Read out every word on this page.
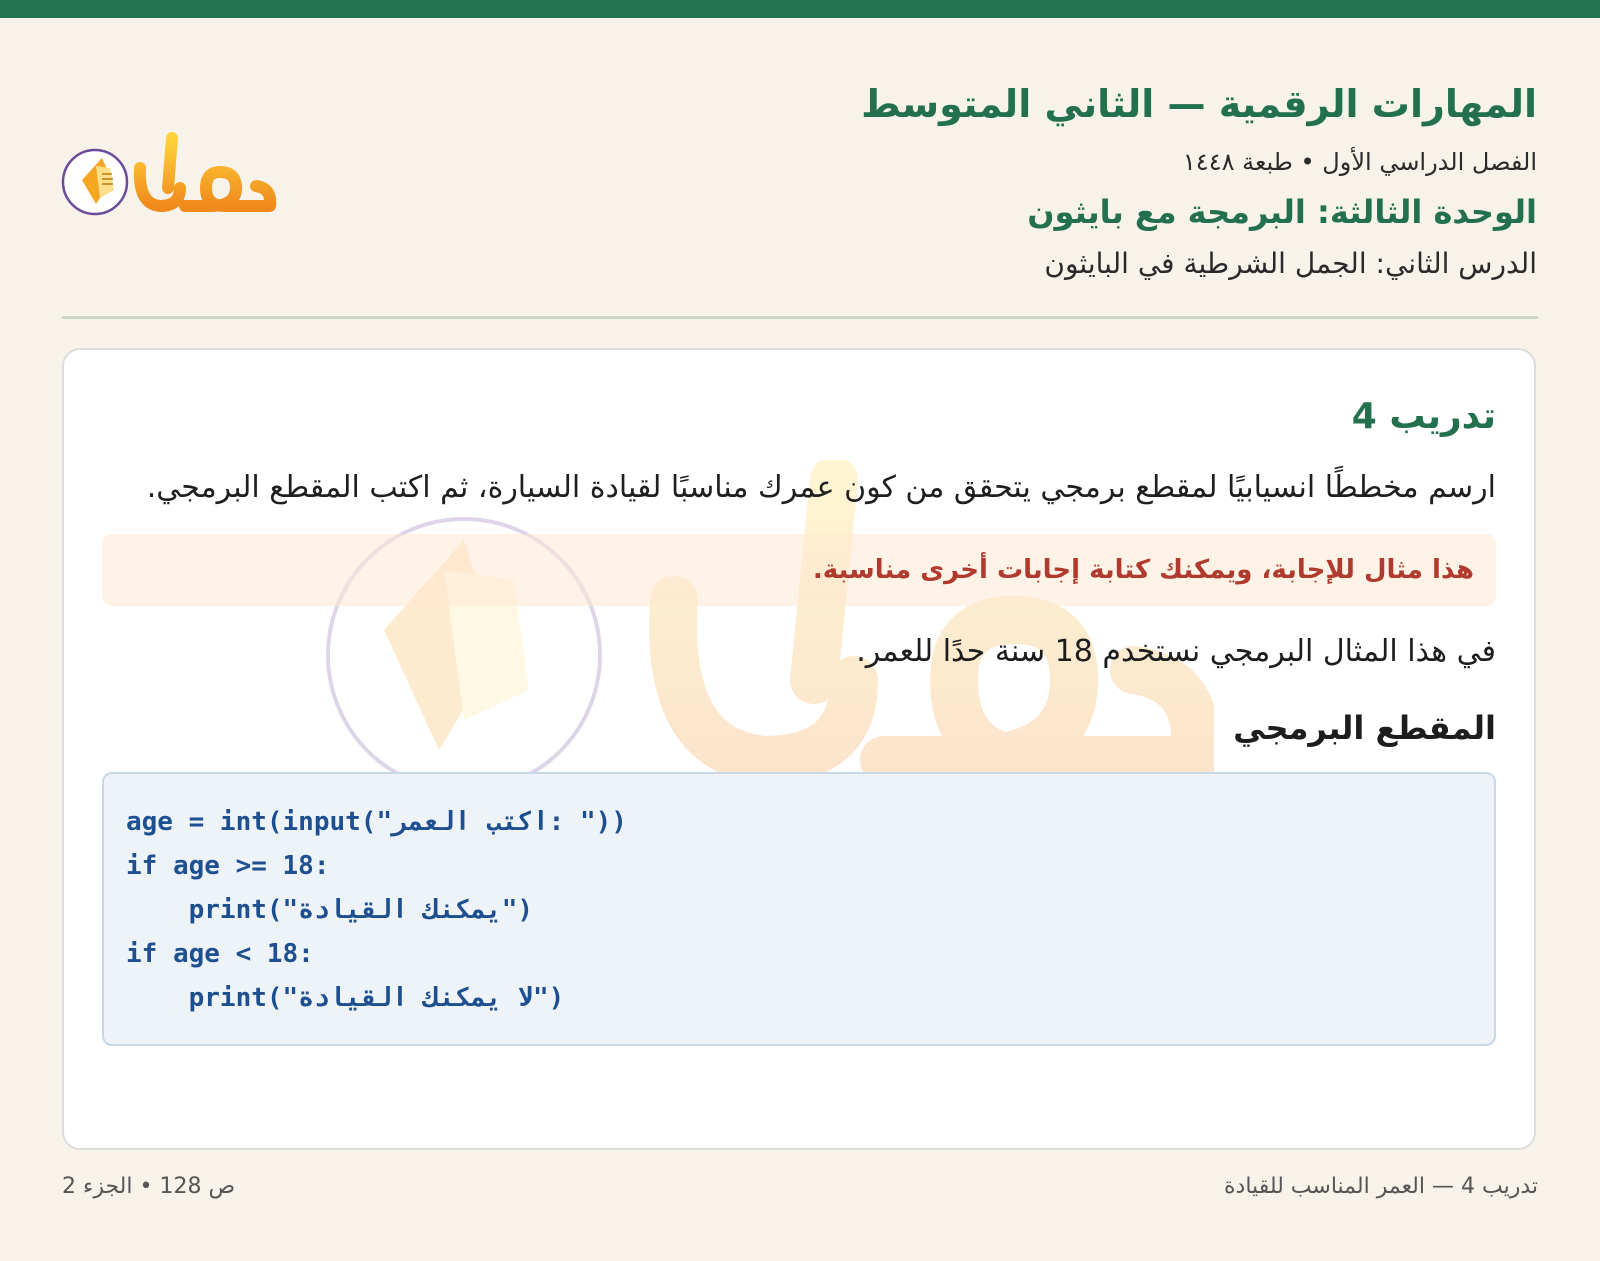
المهارات الرقمية — الثاني المتوسط
الفصل الدراسي الأول • طبعة ١٤٤٨
الوحدة الثالثة: البرمجة مع بايثون
الدرس الثاني: الجمل الشرطية في البايثون
تدريب 4
ارسم مخططًا انسيابيًا لمقطع برمجي يتحقق من كون عمرك مناسبًا لقيادة السيارة، ثم اكتب المقطع البرمجي.
هذا مثال للإجابة، ويمكنك كتابة إجابات أخرى مناسبة.
في هذا المثال البرمجي نستخدم 18 سنة حدًا للعمر.
المقطع البرمجي
age = int(input("اكتب العمر: "))
if age >= 18:
print("يمكنك القيادة")
if age < 18:
print("لا يمكنك القيادة")
ص 128 • الجزء 2	تدريب 4 — العمر المناسب للقيادة
